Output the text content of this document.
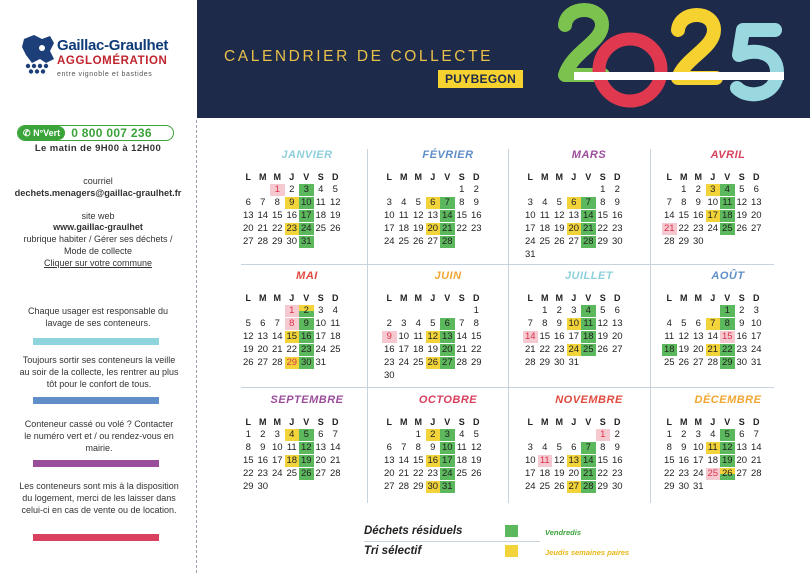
Gaillac-Graulhet
AGGLOMÉRATION
entre vignoble et bastides
✆ N°Vert 0 800 007 236
Le matin de 9H00 à 12H00
courriel
dechets.menagers@gaillac-graulhet.fr
site web
www.gaillac-graulhet
rubrique habiter / Gérer ses déchets /
Mode de collecte
Cliquer sur votre commune
Chaque usager est responsable du lavage de ses conteneurs.
Toujours sortir ses conteneurs la veille au soir de la collecte, les rentrer au plus tôt pour le confort de tous.
Conteneur cassé ou volé ? Contacter le numéro vert et / ou rendez-vous en mairie.
Les conteneurs sont mis à la disposition du logement, merci de les laisser dans celui-ci en cas de vente ou de location.
CALENDRIER DE COLLECTE
PUYBEGON
2025
JANVIER
L M M J V S D
1 2 3 4 5
6 7 8 9 10 11 12
13 14 15 16 17 18 19
20 21 22 23 24 25 26
27 28 29 30 31
FÉVRIER
L M M J V S D
1 2
3 4 5 6 7 8 9
10 11 12 13 14 15 16
17 18 19 20 21 22 23
24 25 26 27 28
MARS
L M M J V S D
1 2
3 4 5 6 7 8 9
10 11 12 13 14 15 16
17 18 19 20 21 22 23
24 25 26 27 28 29 30
31
AVRIL
L M M J V S D
1 2 3 4 5 6
7 8 9 10 11 12 13
14 15 16 17 18 19 20
21 22 23 24 25 26 27
28 29 30
MAI
L M M J V S D
1 2 3 4
5 6 7 8 9 10 11
12 13 14 15 16 17 18
19 20 21 22 23 24 25
26 27 28 29 30 31
JUIN
L M M J V S D
1
2 3 4 5 6 7 8
9 10 11 12 13 14 15
16 17 18 19 20 21 22
23 24 25 26 27 28 29
30
JUILLET
L M M J V S D
1 2 3 4 5 6
7 8 9 10 11 12 13
14 15 16 17 18 19 20
21 22 23 24 25 26 27
28 29 30 31
AOÛT
L M M J V S D
1 2 3
4 5 6 7 8 9 10
11 12 13 14 15 16 17
18 19 20 21 22 23 24
25 26 27 28 29 30 31
SEPTEMBRE
L M M J V S D
1 2 3 4 5 6 7
8 9 10 11 12 13 14
15 16 17 18 19 20 21
22 23 24 25 26 27 28
29 30
OCTOBRE
L M M J V S D
1 2 3 4 5
6 7 8 9 10 11 12
13 14 15 16 17 18 19
20 21 22 23 24 25 26
27 28 29 30 31
NOVEMBRE
L M M J V S D
1 2
3 4 5 6 7 8 9
10 11 12 13 14 15 16
17 18 19 20 21 22 23
24 25 26 27 28 29 30
DÉCEMBRE
L M M J V S D
1 2 3 4 5 6 7
8 9 10 11 12 13 14
15 16 17 18 19 20 21
22 23 24 25 26 27 28
29 30 31
Déchets résiduels	Vendredis
Tri sélectif	Jeudis semaines paires
